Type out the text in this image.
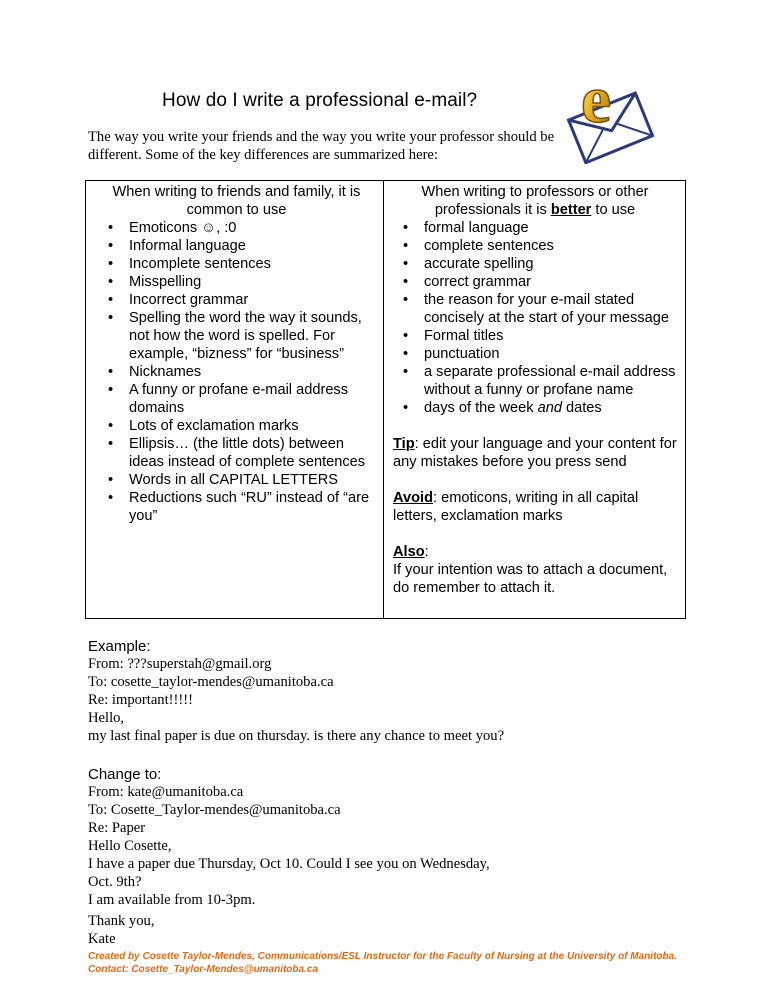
How do I write a professional e-mail? e
The way you write your friends and the way you write your professor should be different. Some of the key differences are summarized here:

When writing to friends and family, it is common to use

• Emoticons ☺, :0
• Informal language
• Incomplete sentences
• Misspelling
• Incorrect grammar
• Spelling the word the way it sounds, not how the word is spelled. For example, “bizness” for “business”
• Nicknames
• A funny or profane e-mail address domains
• Lots of exclamation marks
• Ellipsis… (the little dots) between ideas instead of complete sentences
• Words in all CAPITAL LETTERS
• Reductions such “RU” instead of “are you”

When writing to professors or other professionals it is better to use

• formal language
• complete sentences
• accurate spelling
• correct grammar
• the reason for your e-mail stated concisely at the start of your message
• Formal titles
• punctuation
• a separate professional e-mail address without a funny or profane name
• days of the week and dates

Tip: edit your language and your content for any mistakes before you press send

Avoid: emoticons, writing in all capital letters, exclamation marks

Also:
If your intention was to attach a document, do remember to attach it.

Example:
From: ???superstah@gmail.org
To: cosette_taylor-mendes@umanitoba.ca
Re: important!!!!!
Hello,
my last final paper is due on thursday. is there any chance to meet you?
Change to:
From: kate@umanitoba.ca
To: Cosette_Taylor-mendes@umanitoba.ca
Re: Paper
Hello Cosette,
I have a paper due Thursday, Oct 10. Could I see you on Wednesday,
Oct. 9th?
I am available from 10-3pm.
Thank you,
Kate
Created by Cosette Taylor-Mendes, Communications/ESL Instructor for the Faculty of Nursing at the University of Manitoba.
Contact: Cosette_Taylor-Mendes@umanitoba.ca
